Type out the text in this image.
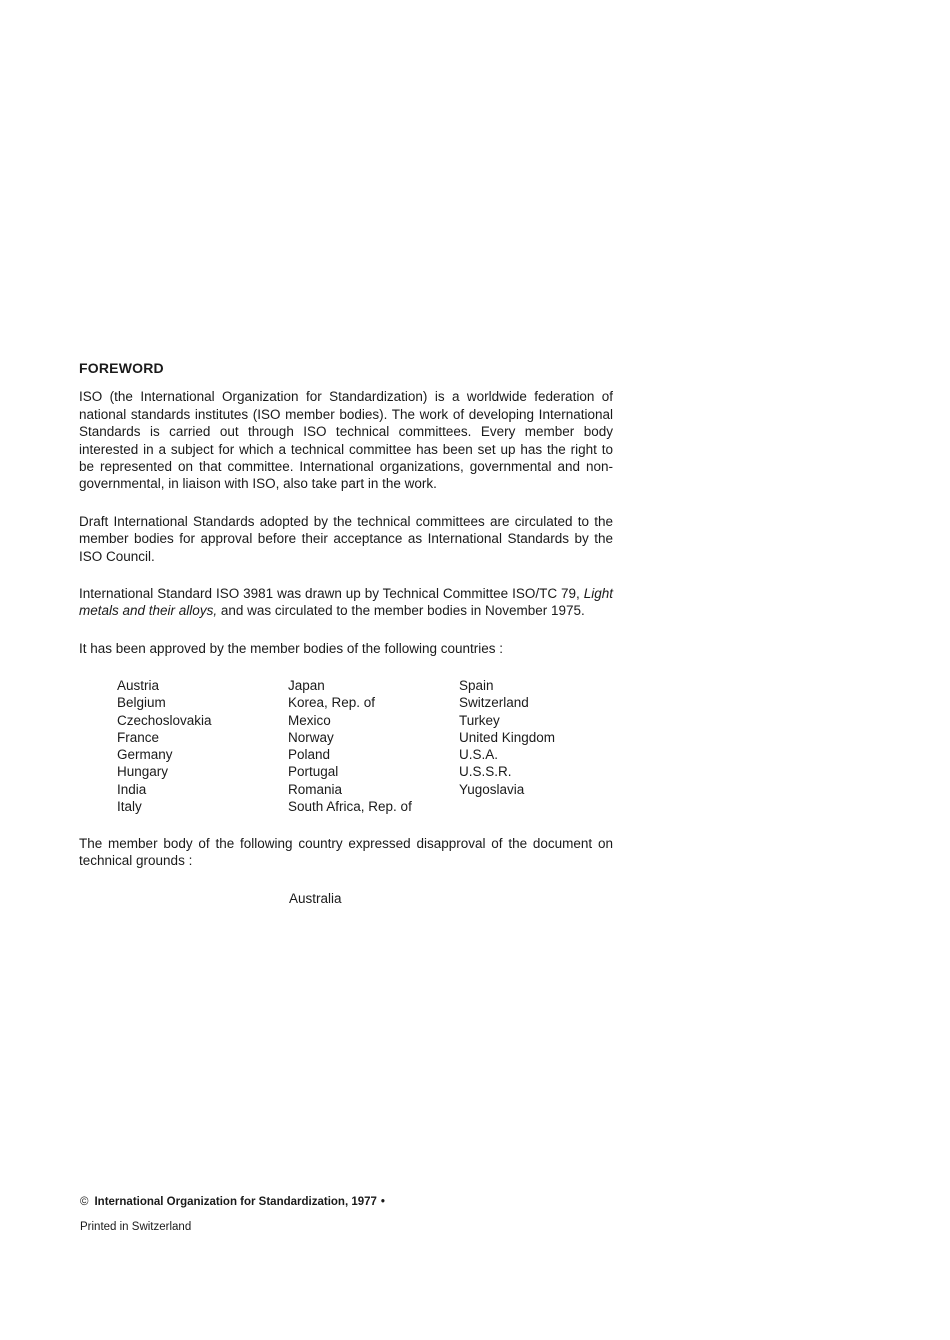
FOREWORD

ISO (the International Organization for Standardization) is a worldwide federation of national standards institutes (ISO member bodies). The work of developing International Standards is carried out through ISO technical committees. Every member body interested in a subject for which a technical committee has been set up has the right to be represented on that committee. International organizations, governmental and non-governmental, in liaison with ISO, also take part in the work.

Draft International Standards adopted by the technical committees are circulated to the member bodies for approval before their acceptance as International Standards by the ISO Council.

International Standard ISO 3981 was drawn up by Technical Committee ISO/TC 79, Light metals and their alloys, and was circulated to the member bodies in November 1975.

It has been approved by the member bodies of the following countries :

Austria
Belgium
Czechoslovakia
France
Germany
Hungary
India
Italy
Japan
Korea, Rep. of
Mexico
Norway
Poland
Portugal
Romania
South Africa, Rep. of
Spain
Switzerland
Turkey
United Kingdom
U.S.A.
U.S.S.R.
Yugoslavia

The member body of the following country expressed disapproval of the document on technical grounds :

Australia
© International Organization for Standardization, 1977 •
Printed in Switzerland
